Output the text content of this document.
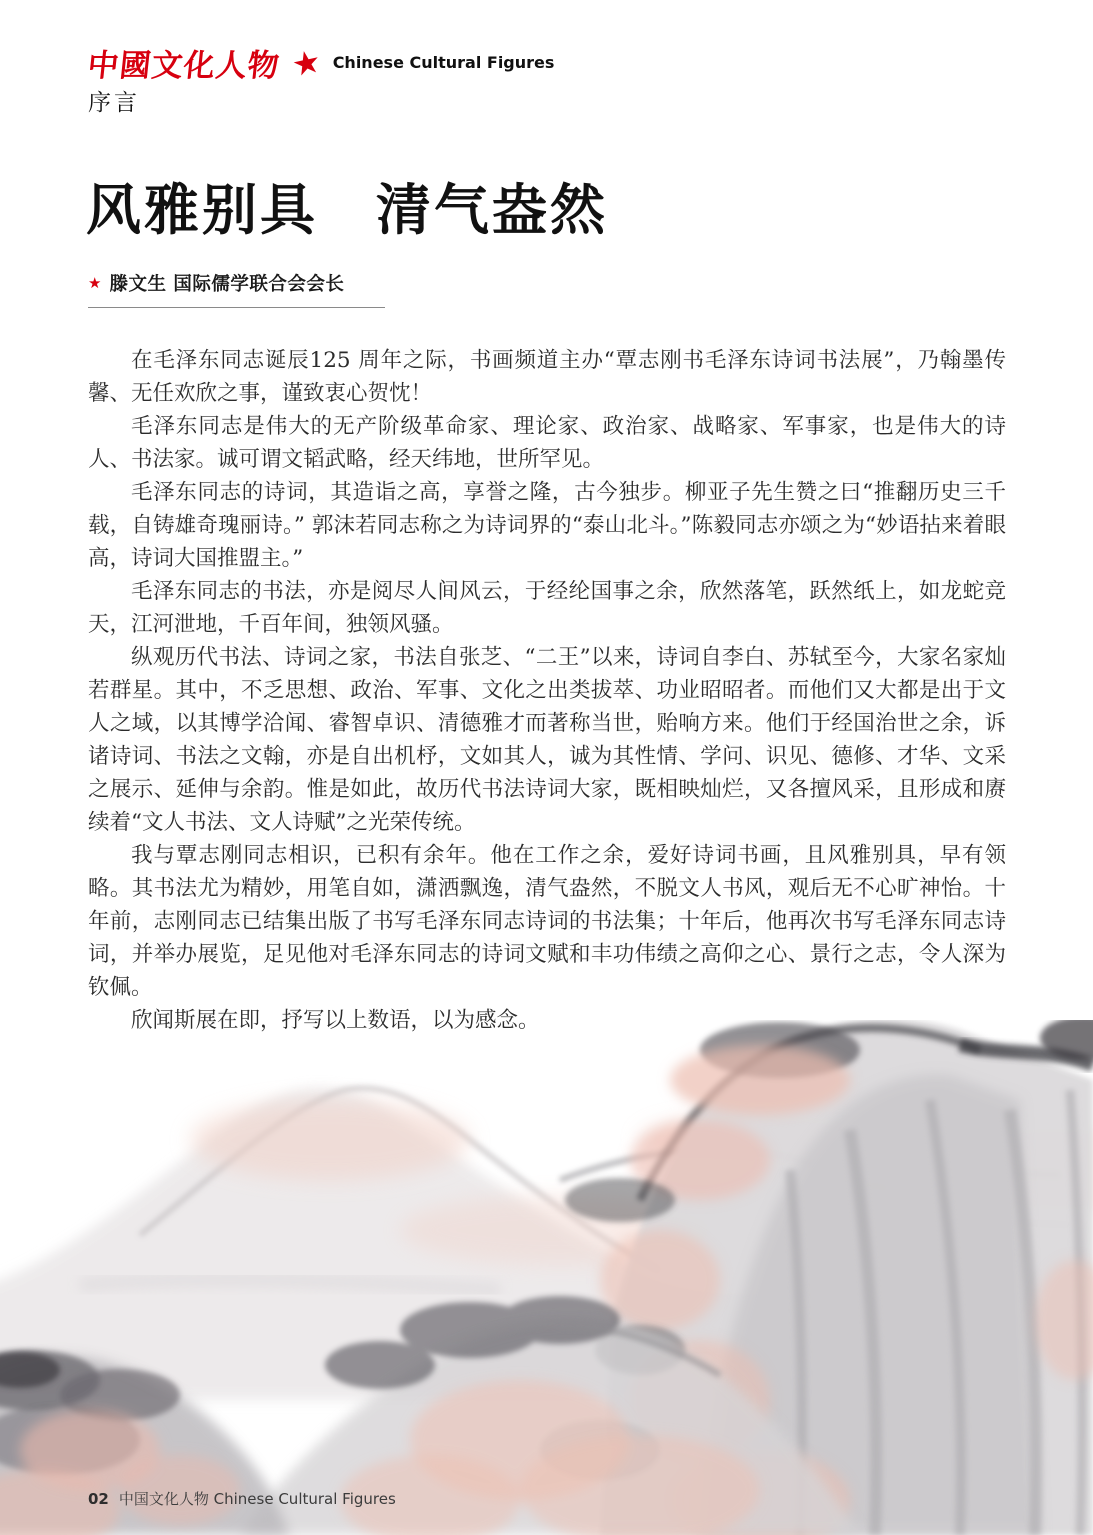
中國文化人物 ★ Chinese Cultural Figures
序言
风雅别具　清气盎然
★ 滕文生 国际儒学联合会会长

在毛泽东同志诞辰125 周年之际，书画频道主办“覃志刚书毛泽东诗词书法展”，乃翰墨传馨、无任欢欣之事，谨致衷心贺忱！

毛泽东同志是伟大的无产阶级革命家、理论家、政治家、战略家、军事家，也是伟大的诗人、书法家。诚可谓文韬武略，经天纬地，世所罕见。

毛泽东同志的诗词，其造诣之高，享誉之隆，古今独步。柳亚子先生赞之曰“推翻历史三千载，自铸雄奇瑰丽诗。” 郭沫若同志称之为诗词界的“泰山北斗。”陈毅同志亦颂之为“妙语拈来着眼高，诗词大国推盟主。”

毛泽东同志的书法，亦是阅尽人间风云，于经纶国事之余，欣然落笔，跃然纸上，如龙蛇竞天，江河泄地，千百年间，独领风骚。

纵观历代书法、诗词之家，书法自张芝、“二王”以来，诗词自李白、苏轼至今，大家名家灿若群星。其中，不乏思想、政治、军事、文化之出类拔萃、功业昭昭者。而他们又大都是出于文人之域，以其博学洽闻、睿智卓识、清德雅才而著称当世，贻响方来。他们于经国治世之余，诉诸诗词、书法之文翰，亦是自出机杼，文如其人，诚为其性情、学问、识见、德修、才华、文采之展示、延伸与余韵。惟是如此，故历代书法诗词大家，既相映灿烂，又各擅风采，且形成和赓续着“文人书法、文人诗赋”之光荣传统。

我与覃志刚同志相识，已积有余年。他在工作之余，爱好诗词书画，且风雅别具，早有领略。其书法尤为精妙，用笔自如，潇洒飘逸，清气盎然，不脱文人书风，观后无不心旷神怡。十年前，志刚同志已结集出版了书写毛泽东同志诗词的书法集；十年后，他再次书写毛泽东同志诗词，并举办展览，足见他对毛泽东同志的诗词文赋和丰功伟绩之高仰之心、景行之志，令人深为钦佩。

欣闻斯展在即，抒写以上数语，以为感念。

02 中国文化人物 Chinese Cultural Figures
